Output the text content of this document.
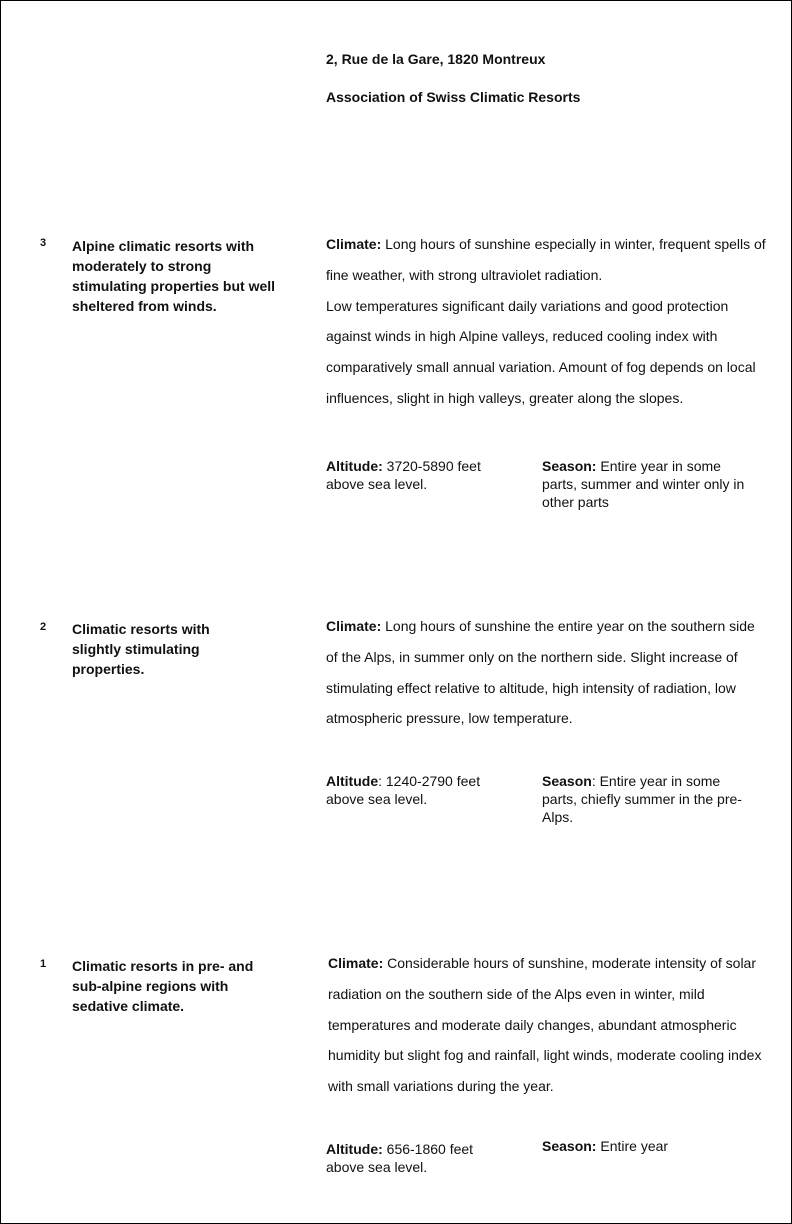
2, Rue de la Gare, 1820 Montreux
Association of Swiss Climatic Resorts
3 Alpine climatic resorts with moderately to strong stimulating properties but well sheltered from winds.
Climate: Long hours of sunshine especially in winter, frequent spells of fine weather, with strong ultraviolet radiation.
Low temperatures significant daily variations and good protection against winds in high Alpine valleys, reduced cooling index with comparatively small annual variation. Amount of fog depends on local influences, slight in high valleys, greater along the slopes.
Altitude: 3720-5890 feet above sea level.
Season: Entire year in some parts, summer and winter only in other parts
2 Climatic resorts with slightly stimulating properties.
Climate: Long hours of sunshine the entire year on the southern side of the Alps, in summer only on the northern side. Slight increase of stimulating effect relative to altitude, high intensity of radiation, low atmospheric pressure, low temperature.
Altitude: 1240-2790 feet above sea level.
Season: Entire year in some parts, chiefly summer in the pre-Alps.
1 Climatic resorts in pre- and sub-alpine regions with sedative climate.
Climate: Considerable hours of sunshine, moderate intensity of solar radiation on the southern side of the Alps even in winter, mild temperatures and moderate daily changes, abundant atmospheric humidity but slight fog and rainfall, light winds, moderate cooling index with small variations during the year.
Altitude: 656-1860 feet above sea level.
Season: Entire year
